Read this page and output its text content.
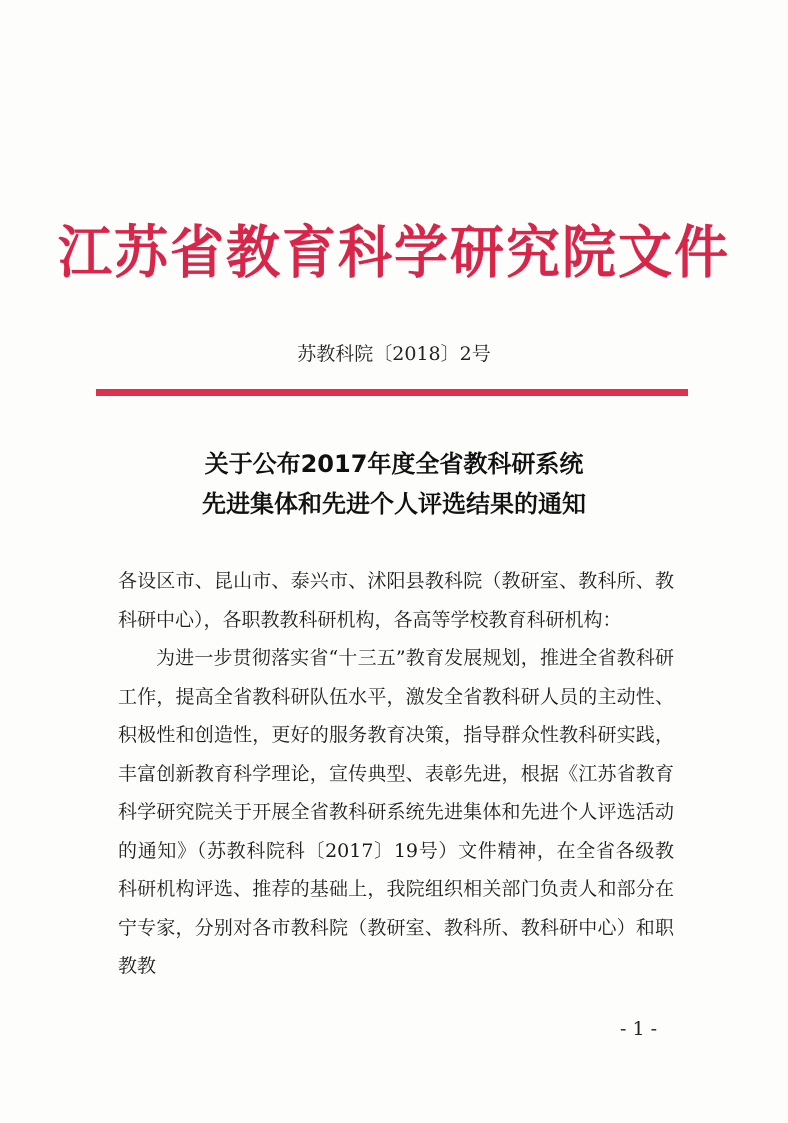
江苏省教育科学研究院文件
苏教科院〔2018〕2号
关于公布2017年度全省教科研系统
先进集体和先进个人评选结果的通知

各设区市、昆山市、泰兴市、沭阳县教科院（教研室、教科所、教科研中心），各职教教科研机构，各高等学校教育科研机构：

为进一步贯彻落实省“十三五”教育发展规划，推进全省教科研工作，提高全省教科研队伍水平，激发全省教科研人员的主动性、积极性和创造性，更好的服务教育决策，指导群众性教科研实践，丰富创新教育科学理论，宣传典型、表彰先进，根据《江苏省教育科学研究院关于开展全省教科研系统先进集体和先进个人评选活动的通知》（苏教科院科〔2017〕19号）文件精神，在全省各级教科研机构评选、推荐的基础上，我院组织相关部门负责人和部分在宁专家，分别对各市教科院（教研室、教科所、教科研中心）和职教教

- 1 -
